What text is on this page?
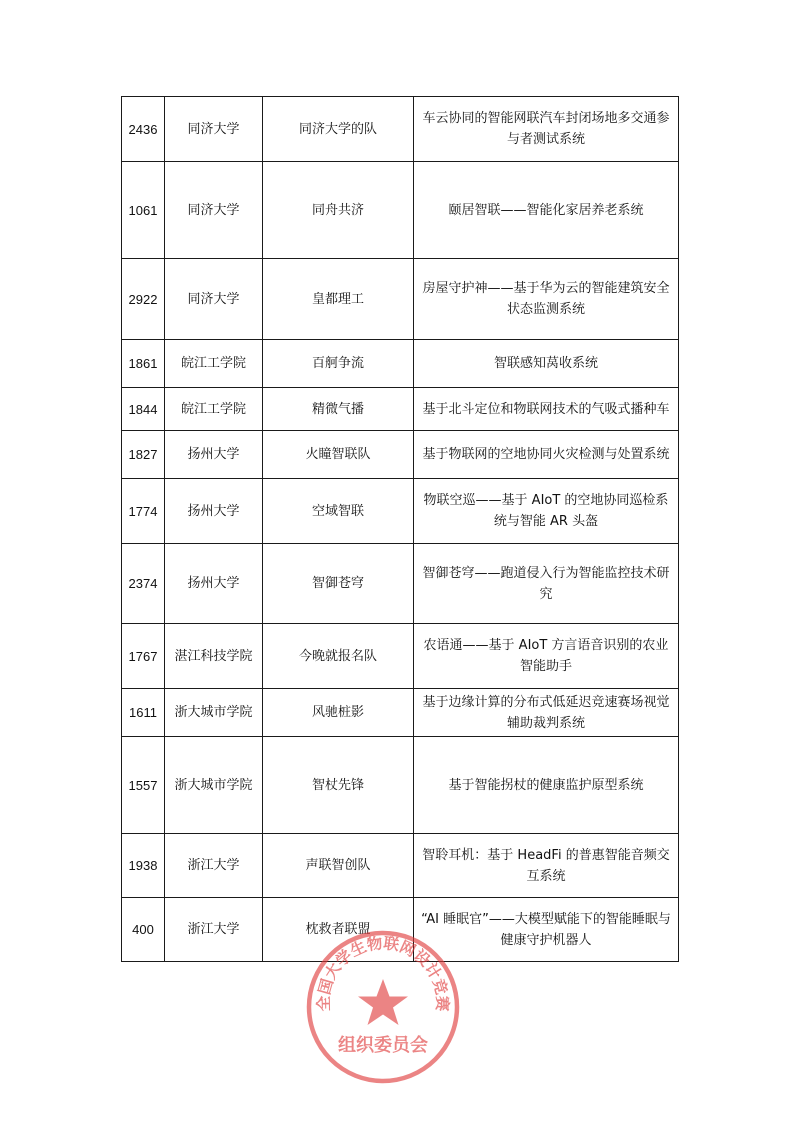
2436	同济大学	同济大学的队	车云协同的智能网联汽车封闭场地多交通参与者测试系统
1061	同济大学	同舟共济	颐居智联——智能化家居养老系统
2922	同济大学	皇都理工	房屋守护神——基于华为云的智能建筑安全状态监测系统
1861	皖江工学院	百舸争流	智联感知莴收系统
1844	皖江工学院	精微气播	基于北斗定位和物联网技术的气吸式播种车
1827	扬州大学	火瞳智联队	基于物联网的空地协同火灾检测与处置系统
1774	扬州大学	空域智联	物联空巡——基于 AIoT 的空地协同巡检系统与智能 AR 头盔
2374	扬州大学	智御苍穹	智御苍穹——跑道侵入行为智能监控技术研究
1767	湛江科技学院	今晚就报名队	农语通——基于 AIoT 方言语音识别的农业智能助手
1611	浙大城市学院	风驰桩影	基于边缘计算的分布式低延迟竞速赛场视觉辅助裁判系统
1557	浙大城市学院	智杖先锋	基于智能拐杖的健康监护原型系统
1938	浙江大学	声联智创队	智聆耳机：基于 HeadFi 的普惠智能音频交互系统
400	浙江大学	枕救者联盟	“AI 睡眠官”——大模型赋能下的智能睡眠与健康守护机器人
全国大学生物联网设计竞赛
组织委员会
